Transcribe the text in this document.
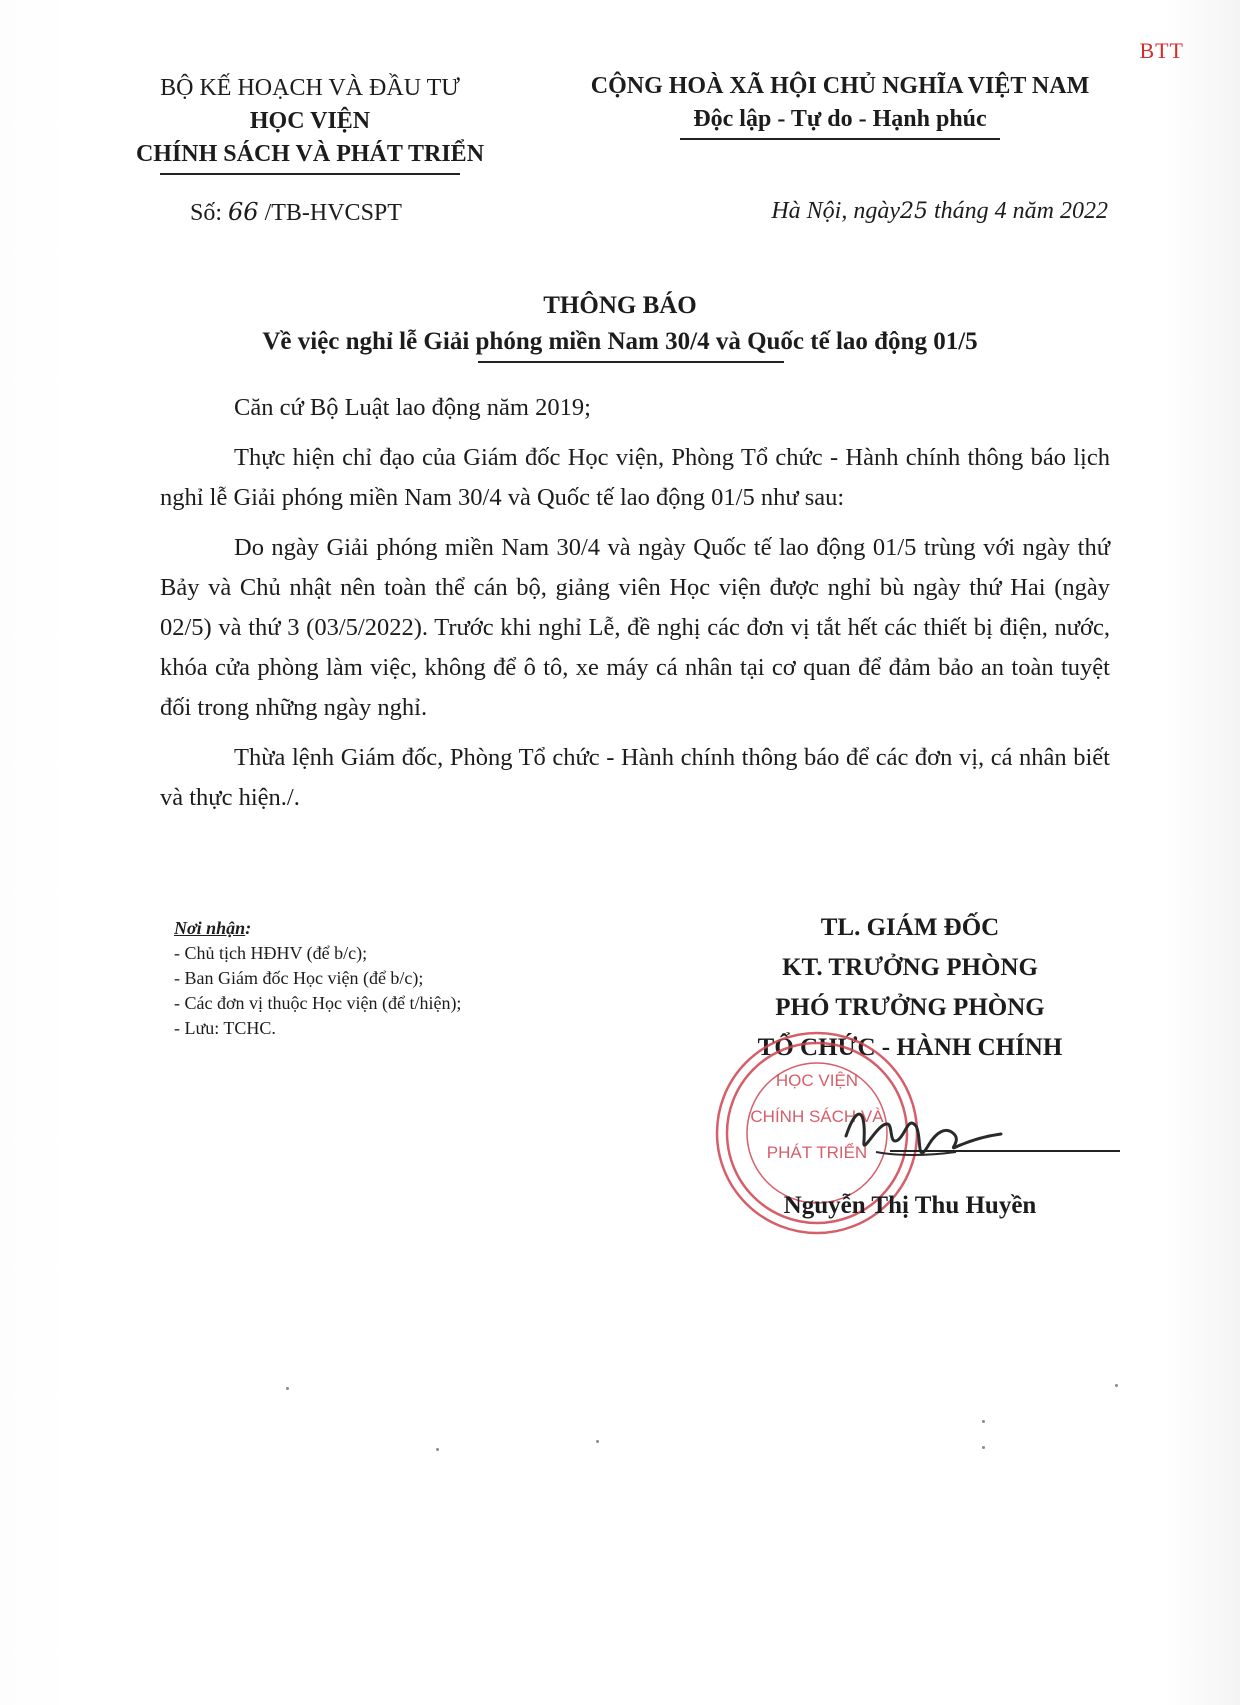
BTT
BỘ KẾ HOẠCH VÀ ĐẦU TƯ
HỌC VIỆN
CHÍNH SÁCH VÀ PHÁT TRIỂN
CỘNG HOÀ XÃ HỘI CHỦ NGHĨA VIỆT NAM
Độc lập - Tự do - Hạnh phúc
Số: 66 /TB-HVCSPT	Hà Nội, ngày25 tháng 4 năm 2022
THÔNG BÁO
Về việc nghỉ lễ Giải phóng miền Nam 30/4 và Quốc tế lao động 01/5

Căn cứ Bộ Luật lao động năm 2019;

Thực hiện chỉ đạo của Giám đốc Học viện, Phòng Tổ chức - Hành chính thông báo lịch nghỉ lễ Giải phóng miền Nam 30/4 và Quốc tế lao động 01/5 như sau:

Do ngày Giải phóng miền Nam 30/4 và ngày Quốc tế lao động 01/5 trùng với ngày thứ Bảy và Chủ nhật nên toàn thể cán bộ, giảng viên Học viện được nghỉ bù ngày thứ Hai (ngày 02/5) và thứ 3 (03/5/2022). Trước khi nghỉ Lễ, đề nghị các đơn vị tắt hết các thiết bị điện, nước, khóa cửa phòng làm việc, không để ô tô, xe máy cá nhân tại cơ quan để đảm bảo an toàn tuyệt đối trong những ngày nghỉ.

Thừa lệnh Giám đốc, Phòng Tổ chức - Hành chính thông báo để các đơn vị, cá nhân biết và thực hiện./.

Nơi nhận:
- Chủ tịch HĐHV (để b/c);
- Ban Giám đốc Học viện (để b/c);
- Các đơn vị thuộc Học viện (để t/hiện);
- Lưu: TCHC.
TL. GIÁM ĐỐC
KT. TRƯỞNG PHÒNG
PHÓ TRƯỞNG PHÒNG
TỔ CHỨC - HÀNH CHÍNH
HỌC VIỆN
CHÍNH SÁCH VÀ
PHÁT TRIỂN
Nguyễn Thị Thu Huyền
